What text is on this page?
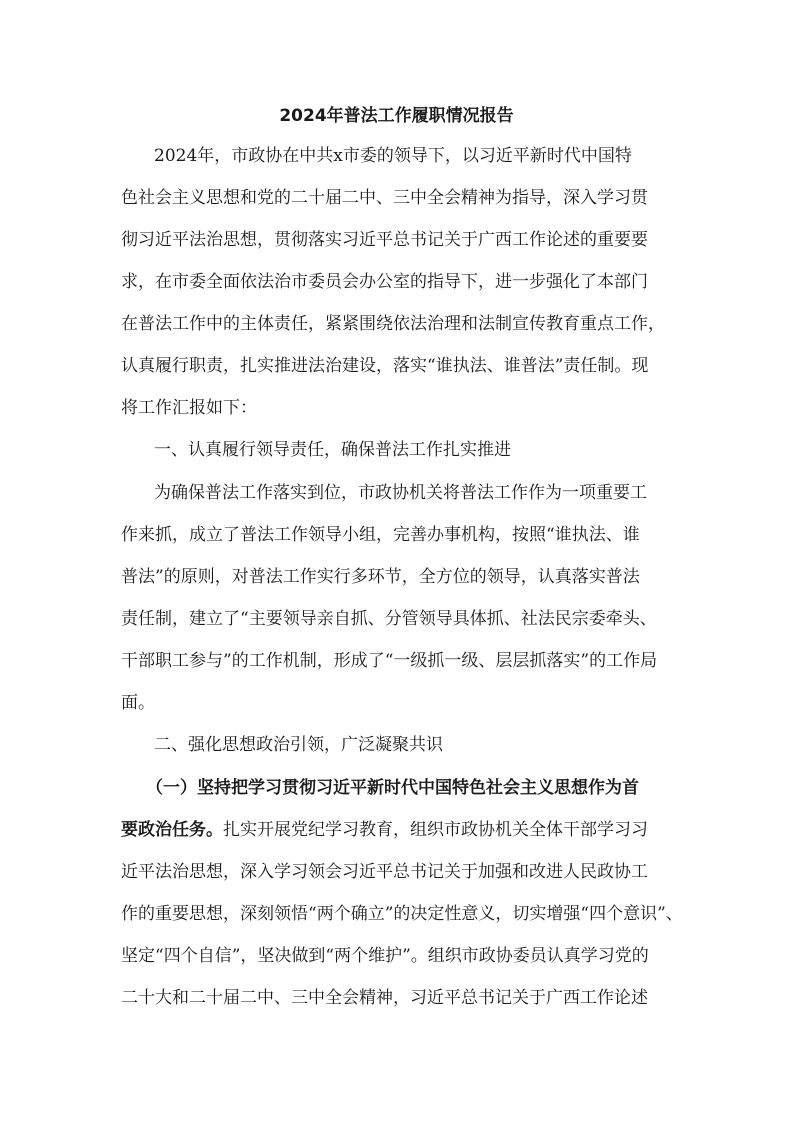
2024年普法工作履职情况报告

2024年，市政协在中共x市委的领导下，以习近平新时代中国特

色社会主义思想和党的二十届二中、三中全会精神为指导，深入学习贯

彻习近平法治思想，贯彻落实习近平总书记关于广西工作论述的重要要

求，在市委全面依法治市委员会办公室的指导下，进一步强化了本部门

在普法工作中的主体责任，紧紧围绕依法治理和法制宣传教育重点工作，

认真履行职责，扎实推进法治建设，落实“谁执法、谁普法”责任制。现

将工作汇报如下：

一、认真履行领导责任，确保普法工作扎实推进

为确保普法工作落实到位，市政协机关将普法工作作为一项重要工

作来抓，成立了普法工作领导小组，完善办事机构，按照“谁执法、谁

普法”的原则，对普法工作实行多环节，全方位的领导，认真落实普法

责任制，建立了“主要领导亲自抓、分管领导具体抓、社法民宗委牵头、

干部职工参与”的工作机制，形成了“一级抓一级、层层抓落实”的工作局

面。

二、强化思想政治引领，广泛凝聚共识

（一）坚持把学习贯彻习近平新时代中国特色社会主义思想作为首

要政治任务。扎实开展党纪学习教育，组织市政协机关全体干部学习习

近平法治思想，深入学习领会习近平总书记关于加强和改进人民政协工

作的重要思想，深刻领悟“两个确立”的决定性意义，切实增强“四个意识”、

坚定“四个自信”，坚决做到“两个维护”。组织市政协委员认真学习党的

二十大和二十届二中、三中全会精神，习近平总书记关于广西工作论述
